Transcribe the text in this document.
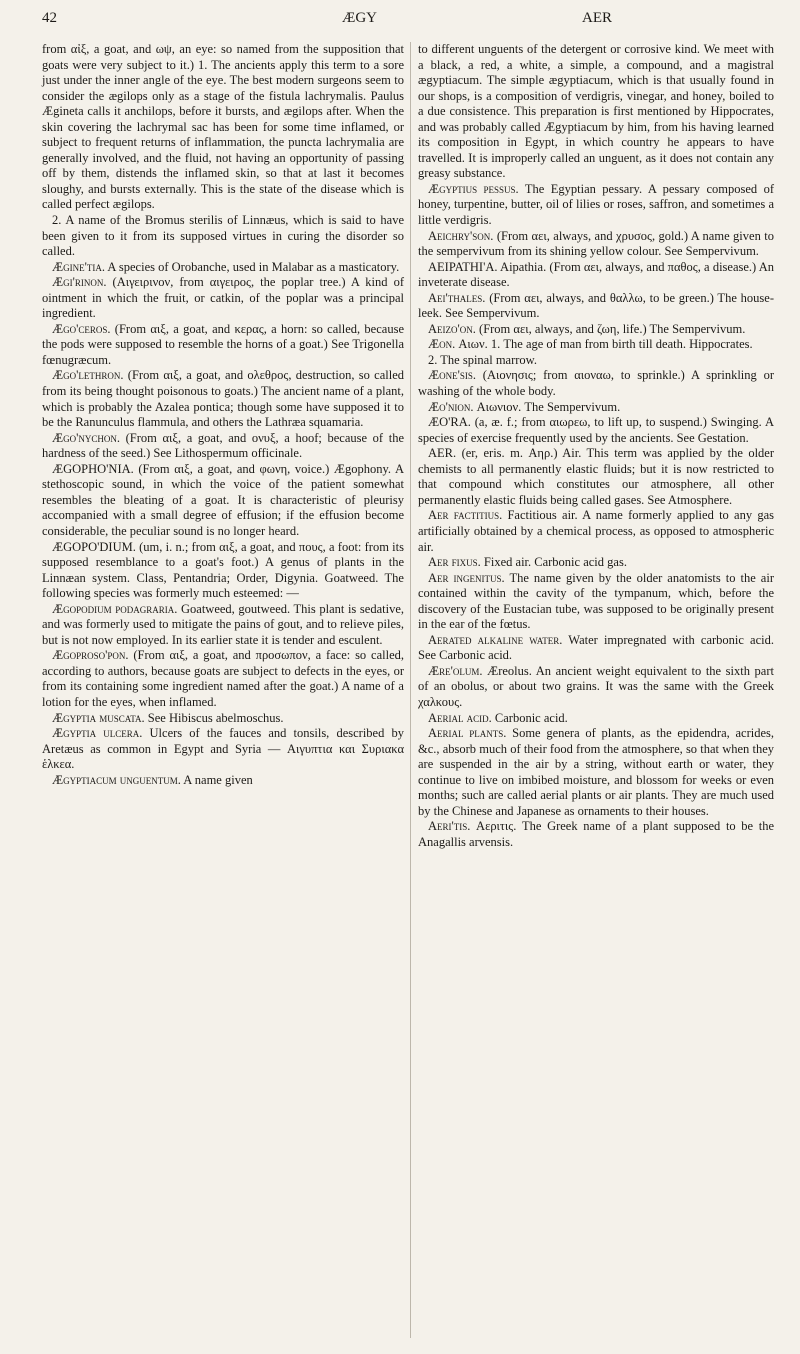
42	ÆGY	AER

from αἰξ, a goat, and ωψ, an eye: so named from the supposition that goats were very subject to it.) 1. The ancients apply this term to a sore just under the inner angle of the eye. The best modern surgeons seem to consider the ægilops only as a stage of the fistula lachrymalis. Paulus Ægineta calls it anchilops, before it bursts, and ægilops after. When the skin covering the lachrymal sac has been for some time inflamed, or subject to frequent returns of inflammation, the puncta lachrymalia are generally involved, and the fluid, not having an opportunity of passing off by them, distends the inflamed skin, so that at last it becomes sloughy, and bursts externally. This is the state of the disease which is called perfect ægilops.

2. A name of the Bromus sterilis of Linnæus, which is said to have been given to it from its supposed virtues in curing the disorder so called.

Ægine'tia. A species of Orobanche, used in Malabar as a masticatory.

Ægi'rinon. (Αιγειρινον, from αιγειρος, the poplar tree.) A kind of ointment in which the fruit, or catkin, of the poplar was a principal ingredient.

Ægo'ceros. (From αιξ, a goat, and κερας, a horn: so called, because the pods were supposed to resemble the horns of a goat.) See Trigonella fœnugræcum.

Ægo'lethron. (From αιξ, a goat, and ολεθρος, destruction, so called from its being thought poisonous to goats.) The ancient name of a plant, which is probably the Azalea pontica; though some have supposed it to be the Ranunculus flammula, and others the Lathræa squamaria.

Ægo'nychon. (From αιξ, a goat, and ονυξ, a hoof; because of the hardness of the seed.) See Lithospermum officinale.

ÆGOPHO'NIA. (From αιξ, a goat, and φωνη, voice.) Ægophony. A stethoscopic sound, in which the voice of the patient somewhat resembles the bleating of a goat. It is characteristic of pleurisy accompanied with a small degree of effusion; if the effusion become considerable, the peculiar sound is no longer heard.

ÆGOPO'DIUM. (um, i. n.; from αιξ, a goat, and πους, a foot: from its supposed resemblance to a goat's foot.) A genus of plants in the Linnæan system. Class, Pentandria; Order, Digynia. Goatweed. The following species was formerly much esteemed: —

Ægopodium podagraria. Goatweed, goutweed. This plant is sedative, and was formerly used to mitigate the pains of gout, and to relieve piles, but is not now employed. In its earlier state it is tender and esculent.

Ægoproso'pon. (From αιξ, a goat, and προσωπον, a face: so called, according to authors, because goats are subject to defects in the eyes, or from its containing some ingredient named after the goat.) A name of a lotion for the eyes, when inflamed.

Ægyptia muscata. See Hibiscus abelmoschus.

Ægyptia ulcera. Ulcers of the fauces and tonsils, described by Aretæus as common in Egypt and Syria — Αιγυπτια και Συριακα ἑλκεα.

Ægyptiacum unguentum. A name given

to different unguents of the detergent or corrosive kind. We meet with a black, a red, a white, a simple, a compound, and a magistral ægyptiacum. The simple ægyptiacum, which is that usually found in our shops, is a composition of verdigris, vinegar, and honey, boiled to a due consistence. This preparation is first mentioned by Hippocrates, and was probably called Ægyptiacum by him, from his having learned its composition in Egypt, in which country he appears to have travelled. It is improperly called an unguent, as it does not contain any greasy substance.

Ægyptius pessus. The Egyptian pessary. A pessary composed of honey, turpentine, butter, oil of lilies or roses, saffron, and sometimes a little verdigris.

Aeichry'son. (From αει, always, and χρυσος, gold.) A name given to the sempervivum from its shining yellow colour. See Sempervivum.

AEIPATHI'A. Aipathia. (From αει, always, and παθος, a disease.) An inveterate disease.

Aei'thales. (From αει, always, and θαλλω, to be green.) The house-leek. See Sempervivum.

Aeizo'on. (From αει, always, and ζωη, life.) The Sempervivum.

Æon. Αιων. 1. The age of man from birth till death. Hippocrates.

2. The spinal marrow.

Æone'sis. (Αιονησις; from αιοναω, to sprinkle.) A sprinkling or washing of the whole body.

Æo'nion. Αιωνιον. The Sempervivum.

ÆO'RA. (a, æ. f.; from αιωρεω, to lift up, to suspend.) Swinging. A species of exercise frequently used by the ancients. See Gestation.

AER. (er, eris. m. Αηρ.) Air. This term was applied by the older chemists to all permanently elastic fluids; but it is now restricted to that compound which constitutes our atmosphere, all other permanently elastic fluids being called gases. See Atmosphere.

Aer factitius. Factitious air. A name formerly applied to any gas artificially obtained by a chemical process, as opposed to atmospheric air.

Aer fixus. Fixed air. Carbonic acid gas.

Aer ingenitus. The name given by the older anatomists to the air contained within the cavity of the tympanum, which, before the discovery of the Eustacian tube, was supposed to be originally present in the ear of the fœtus.

Aerated alkaline water. Water impregnated with carbonic acid. See Carbonic acid.

Ære'olum. Æreolus. An ancient weight equivalent to the sixth part of an obolus, or about two grains. It was the same with the Greek χαλκους.

Aerial acid. Carbonic acid.

Aerial plants. Some genera of plants, as the epidendra, acrides, &c., absorb much of their food from the atmosphere, so that when they are suspended in the air by a string, without earth or water, they continue to live on imbibed moisture, and blossom for weeks or even months; such are called aerial plants or air plants. They are much used by the Chinese and Japanese as ornaments to their houses.

Aeri'tis. Αεριτις. The Greek name of a plant supposed to be the Anagallis arvensis.
